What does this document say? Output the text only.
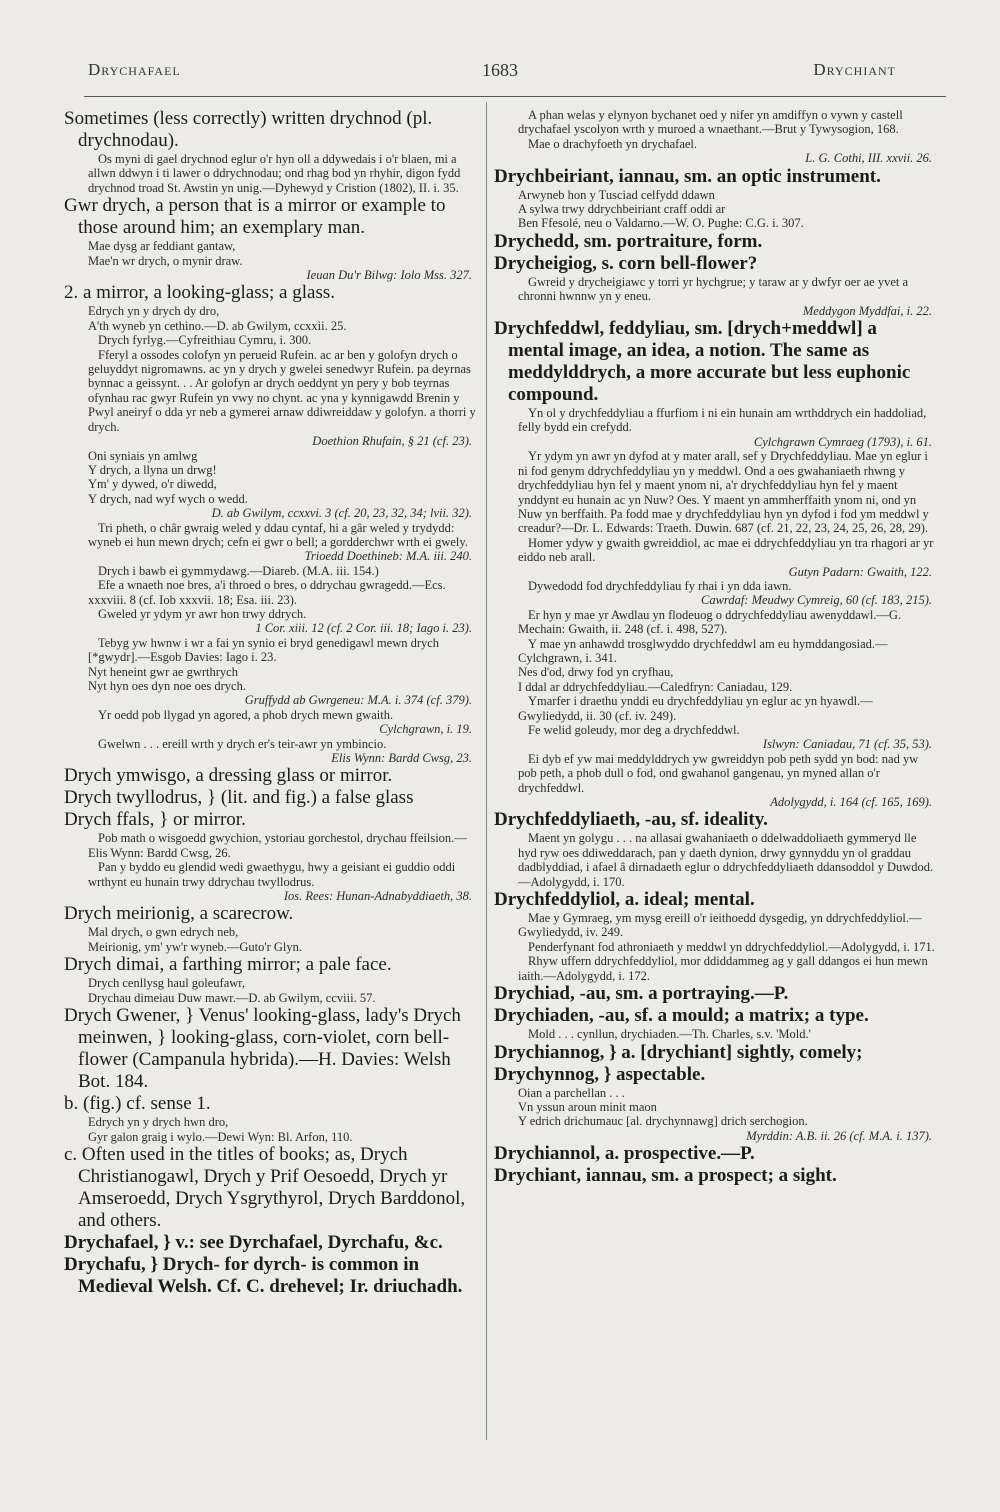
Drychafael	1683	Drychiant

Sometimes (less correctly) written drychnod (pl. drychnodau).

Os myni di gael drychnod eglur o'r hyn oll a ddywedais i o'r blaen, mi a allwn ddwyn i ti lawer o ddrychnodau; ond rhag bod yn rhyhir, digon fydd drychnod troad St. Awstin yn unig.—Dyhewyd y Cristion (1802), II. i. 35.

Gwr drych, a person that is a mirror or example to those around him; an exemplary man.

Mae dysg ar feddiant gantaw,

Mae'n wr drych, o mynir draw.

Ieuan Du'r Bilwg: Iolo Mss. 327.

2. a mirror, a looking-glass; a glass.

Edrych yn y drych dy dro,

A'th wyneb yn cethino.—D. ab Gwilym, ccxxii. 25.

Drych fyrlyg.—Cyfreithiau Cymru, i. 300.

Fferyl a ossodes colofyn yn perueid Rufein. ac ar ben y golofyn drych o geluyddyt nigromawns. ac yn y drych y gwelei senedwyr Rufein. pa deyrnas bynnac a geissynt. . . Ar golofyn ar drych oeddynt yn pery y bob teyrnas ofynhau rac gwyr Rufein yn vwy no chynt. ac yna y kynnigawdd Brenin y Pwyl aneiryf o dda yr neb a gymerei arnaw ddiwreiddaw y golofyn. a thorri y drych.

Doethion Rhufain, § 21 (cf. 23).

Oni syniais yn amlwg

Y drych, a llyna un drwg!

Ym' y dywed, o'r diwedd,

Y drych, nad wyf wych o wedd.

D. ab Gwilym, ccxxvi. 3 (cf. 20, 23, 32, 34; lvii. 32).

Tri pheth, o châr gwraig weled y ddau cyntaf, hi a gâr weled y trydydd: wyneb ei hun mewn drych; cefn ei gwr o bell; a gordderchwr wrth ei gwely.

Trioedd Doethineb: M.A. iii. 240.

Drych i bawb ei gymmydawg.—Diareb. (M.A. iii. 154.)

Efe a wnaeth noe bres, a'i throed o bres, o ddrychau gwragedd.—Ecs. xxxviii. 8 (cf. Iob xxxvii. 18; Esa. iii. 23).

Gweled yr ydym yr awr hon trwy ddrych.

1 Cor. xiii. 12 (cf. 2 Cor. iii. 18; Iago i. 23).

Tebyg yw hwnw i wr a fai yn synio ei bryd genedigawl mewn drych [*gwydr].—Esgob Davies: Iago i. 23.

Nyt heneint gwr ae gwrthrych

Nyt hyn oes dyn noe oes drych.

Gruffydd ab Gwrgeneu: M.A. i. 374 (cf. 379).

Yr oedd pob llygad yn agored, a phob drych mewn gwaith.

Cylchgrawn, i. 19.

Gwelwn . . . ereill wrth y drych er's teir-awr yn ymbincio.

Elis Wynn: Bardd Cwsg, 23.

Drych ymwisgo, a dressing glass or mirror.

Drych twyllodrus, } (lit. and fig.) a false glass

Drych ffals, } or mirror.

Pob math o wisgoedd gwychion, ystoriau gorchestol, drychau ffeilsion.—Elis Wynn: Bardd Cwsg, 26.

Pan y byddo eu glendid wedi gwaethygu, hwy a geisiant ei guddio oddi wrthynt eu hunain trwy ddrychau twyllodrus.

Ios. Rees: Hunan-Adnabyddiaeth, 38.

Drych meirionig, a scarecrow.

Mal drych, o gwn edrych neb,

Meirionig, ym' yw'r wyneb.—Guto'r Glyn.

Drych dimai, a farthing mirror; a pale face.

Drych cenllysg haul goleufawr,

Drychau dimeiau Duw mawr.—D. ab Gwilym, ccviii. 57.

Drych Gwener, } Venus' looking-glass, lady's Drych meinwen, } looking-glass, corn-violet, corn bell-flower (Campanula hybrida).—H. Davies: Welsh Bot. 184.

b. (fig.) cf. sense 1.

Edrych yn y drych hwn dro,

Gyr galon graig i wylo.—Dewi Wyn: Bl. Arfon, 110.

c. Often used in the titles of books; as, Drych Christianogawl, Drych y Prif Oesoedd, Drych yr Amseroedd, Drych Ysgrythyrol, Drych Barddonol, and others.

Drychafael, } v.: see Dyrchafael, Dyrchafu, &c.

Drychafu, } Drych- for dyrch- is common in Medieval Welsh. Cf. C. drehevel; Ir. driuchadh.

A phan welas y elynyon bychanet oed y nifer yn amdiffyn o vywn y castell drychafael yscolyon wrth y muroed a wnaethant.—Brut y Tywysogion, 168.

Mae o drachyfoeth yn drychafael.

L. G. Cothi, III. xxvii. 26.

Drychbeiriant, iannau, sm. an optic instrument.

Arwyneb hon y Tusciad celfydd ddawn

A sylwa trwy ddrychbeiriant craff oddi ar

Ben Ffesolé, neu o Valdarno.—W. O. Pughe: C.G. i. 307.

Drychedd, sm. portraiture, form.

Drycheigiog, s. corn bell-flower?

Gwreid y drycheigiawc y torri yr hychgrue; y taraw ar y dwfyr oer ae yvet a chronni hwnnw yn y eneu.

Meddygon Myddfai, i. 22.

Drychfeddwl, feddyliau, sm. [drych+meddwl] a mental image, an idea, a notion. The same as meddylddrych, a more accurate but less euphonic compound.

Yn ol y drychfeddyliau a ffurfiom i ni ein hunain am wrthddrych ein haddoliad, felly bydd ein crefydd.

Cylchgrawn Cymraeg (1793), i. 61.

Yr ydym yn awr yn dyfod at y mater arall, sef y Drychfeddyliau. Mae yn eglur i ni fod genym ddrychfeddyliau yn y meddwl. Ond a oes gwahaniaeth rhwng y drychfeddyliau hyn fel y maent ynom ni, a'r drychfeddyliau hyn fel y maent ynddynt eu hunain ac yn Nuw? Oes. Y maent yn ammherffaith ynom ni, ond yn Nuw yn berffaith. Pa fodd mae y drychfeddyliau hyn yn dyfod i fod ym meddwl y creadur?—Dr. L. Edwards: Traeth. Duwin. 687 (cf. 21, 22, 23, 24, 25, 26, 28, 29).

Homer ydyw y gwaith gwreiddiol, ac mae ei ddrychfeddyliau yn tra rhagori ar yr eiddo neb arall.

Gutyn Padarn: Gwaith, 122.

Dywedodd fod drychfeddyliau fy rhai i yn dda iawn.

Cawrdaf: Meudwy Cymreig, 60 (cf. 183, 215).

Er hyn y mae yr Awdlau yn flodeuog o ddrychfeddyliau awenyddawl.—G. Mechain: Gwaith, ii. 248 (cf. i. 498, 527).

Y mae yn anhawdd trosglwyddo drychfeddwl am eu hymddangosiad.—Cylchgrawn, i. 341.

Nes d'od, drwy fod yn cryfhau,

I ddal ar ddrychfeddyliau.—Caledfryn: Caniadau, 129.

Ymarfer i draethu ynddi eu drychfeddyliau yn eglur ac yn hyawdl.—Gwyliedydd, ii. 30 (cf. iv. 249).

Fe welid goleudy, mor deg a drychfeddwl.

Islwyn: Caniadau, 71 (cf. 35, 53).

Ei dyb ef yw mai meddylddrych yw gwreiddyn pob peth sydd yn bod: nad yw pob peth, a phob dull o fod, ond gwahanol gangenau, yn myned allan o'r drychfeddwl.

Adolygydd, i. 164 (cf. 165, 169).

Drychfeddyliaeth, -au, sf. ideality.

Maent yn golygu . . . na allasai gwahaniaeth o ddelwaddoliaeth gymmeryd lle hyd ryw oes ddiweddarach, pan y daeth dynion, drwy gynnyddu yn ol graddau dadblyddiad, i afael â dirnadaeth eglur o ddrychfeddyliaeth ddansoddol y Duwdod.—Adolygydd, i. 170.

Drychfeddyliol, a. ideal; mental.

Mae y Gymraeg, ym mysg ereill o'r ieithoedd dysgedig, yn ddrychfeddyliol.—Gwyliedydd, iv. 249.

Penderfynant fod athroniaeth y meddwl yn ddrychfeddyliol.—Adolygydd, i. 171.

Rhyw uffern ddrychfeddyliol, mor ddiddammeg ag y gall ddangos ei hun mewn iaith.—Adolygydd, i. 172.

Drychiad, -au, sm. a portraying.—P.

Drychiaden, -au, sf. a mould; a matrix; a type.

Mold . . . cynllun, drychiaden.—Th. Charles, s.v. 'Mold.'

Drychiannog, } a. [drychiant] sightly, comely;

Drychynnog, } aspectable.

Oian a parchellan . . .

Vn yssun aroun minit maon

Y edrich drichumauc [al. drychynnawg] drich serchogion.

Myrddin: A.B. ii. 26 (cf. M.A. i. 137).

Drychiannol, a. prospective.—P.

Drychiant, iannau, sm. a prospect; a sight.
